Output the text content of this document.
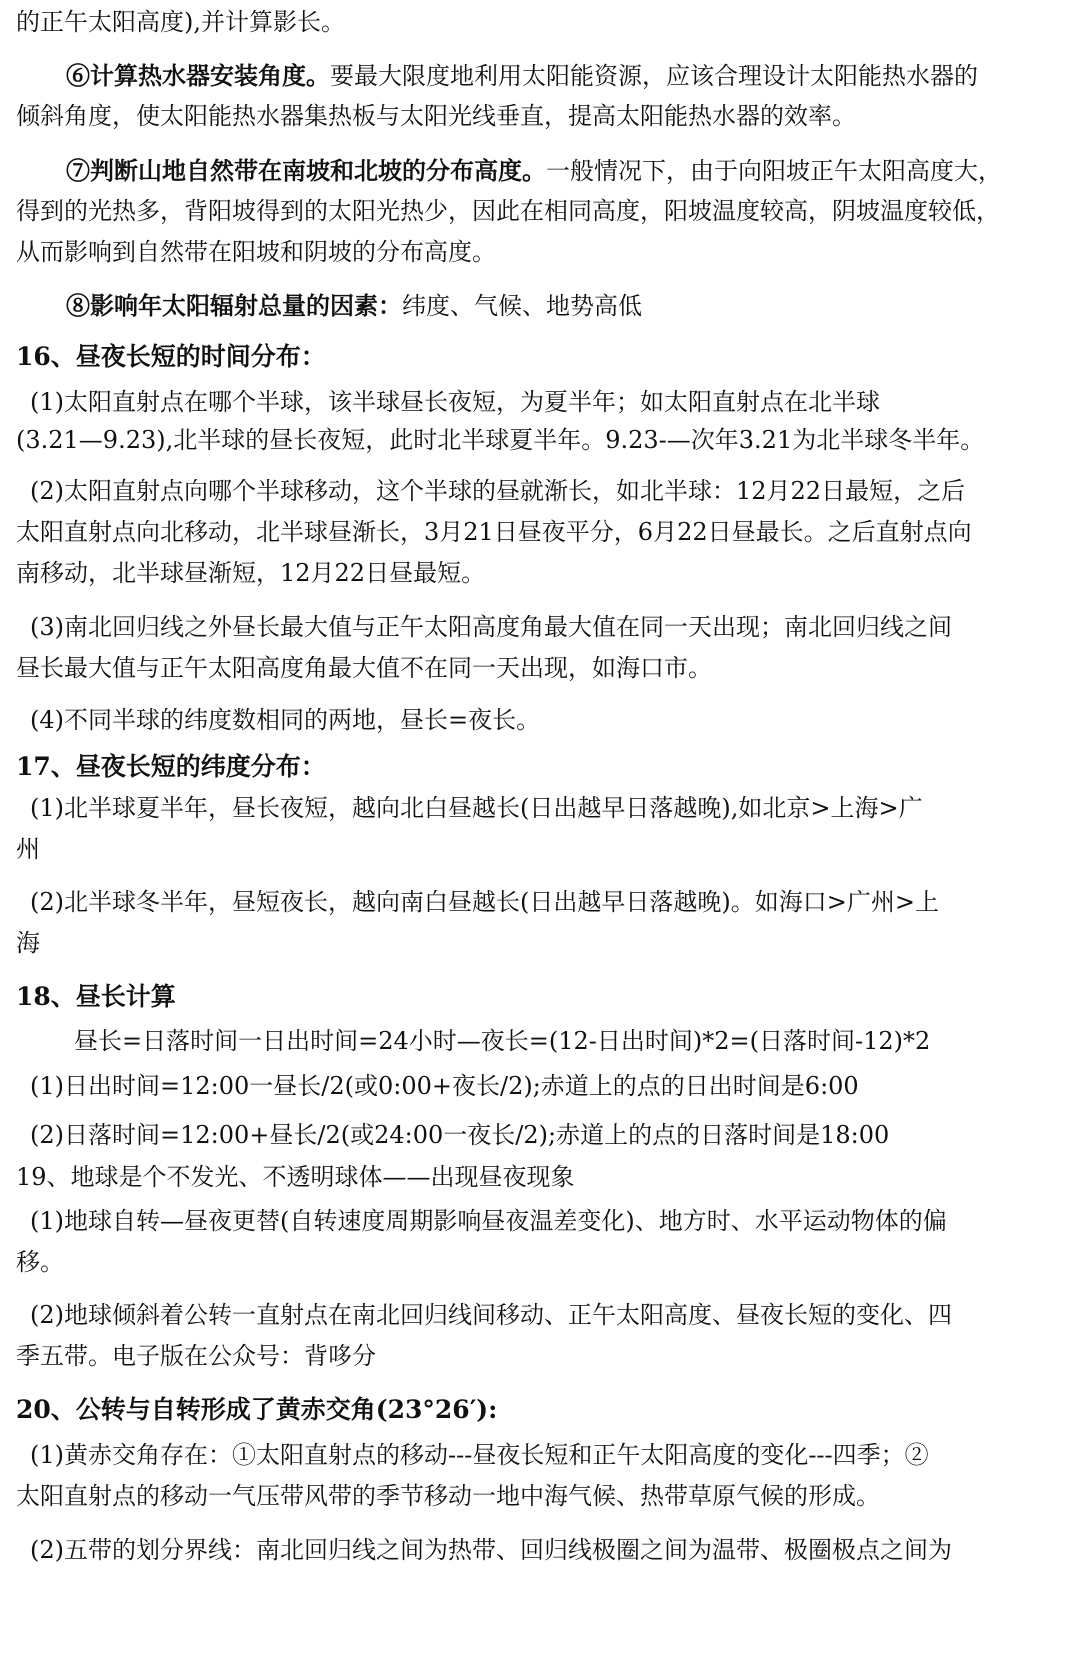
的正午太阳高度),并计算影长。
⑥计算热水器安装角度。要最大限度地利用太阳能资源，应该合理设计太阳能热水器的
倾斜角度，使太阳能热水器集热板与太阳光线垂直，提高太阳能热水器的效率。
⑦判断山地自然带在南坡和北坡的分布高度。一般情况下，由于向阳坡正午太阳高度大，
得到的光热多，背阳坡得到的太阳光热少，因此在相同高度，阳坡温度较高，阴坡温度较低，
从而影响到自然带在阳坡和阴坡的分布高度。
⑧影响年太阳辐射总量的因素：纬度、气候、地势高低
16、昼夜长短的时间分布：
(1)太阳直射点在哪个半球，该半球昼长夜短，为夏半年；如太阳直射点在北半球
(3.21—9.23),北半球的昼长夜短，此时北半球夏半年。9.23-—次年3.21为北半球冬半年。
(2)太阳直射点向哪个半球移动，这个半球的昼就渐长，如北半球：12月22日最短，之后
太阳直射点向北移动，北半球昼渐长，3月21日昼夜平分，6月22日昼最长。之后直射点向
南移动，北半球昼渐短，12月22日昼最短。
(3)南北回归线之外昼长最大值与正午太阳高度角最大值在同一天出现；南北回归线之间
昼长最大值与正午太阳高度角最大值不在同一天出现，如海口市。
(4)不同半球的纬度数相同的两地，昼长=夜长。
17、昼夜长短的纬度分布：
(1)北半球夏半年，昼长夜短，越向北白昼越长(日出越早日落越晚),如北京>上海>广
州
(2)北半球冬半年，昼短夜长，越向南白昼越长(日出越早日落越晚)。如海口>广州>上
海
18、昼长计算
昼长=日落时间一日出时间=24小时—夜长=(12-日出时间)*2=(日落时间-12)*2
(1)日出时间=12:00一昼长/2(或0:00+夜长/2);赤道上的点的日出时间是6:00
(2)日落时间=12:00+昼长/2(或24:00一夜长/2);赤道上的点的日落时间是18:00
19、地球是个不发光、不透明球体——出现昼夜现象
(1)地球自转—昼夜更替(自转速度周期影响昼夜温差变化)、地方时、水平运动物体的偏
移。
(2)地球倾斜着公转一直射点在南北回归线间移动、正午太阳高度、昼夜长短的变化、四
季五带。电子版在公众号：背哆分
20、公转与自转形成了黄赤交角(23°26′):
(1)黄赤交角存在：①太阳直射点的移动---昼夜长短和正午太阳高度的变化---四季；②
太阳直射点的移动一气压带风带的季节移动一地中海气候、热带草原气候的形成。
(2)五带的划分界线：南北回归线之间为热带、回归线极圈之间为温带、极圈极点之间为
